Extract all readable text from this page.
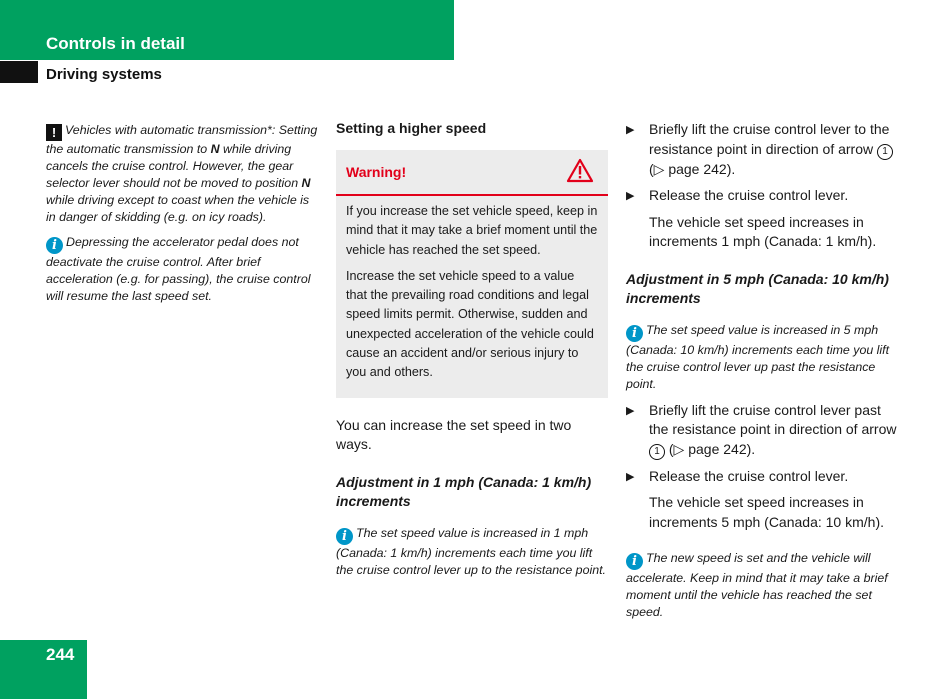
Controls in detail
Driving systems

! Vehicles with automatic transmission*: Setting the automatic transmission to N while driving cancels the cruise control. However, the gear selector lever should not be moved to position N while driving except to coast when the vehicle is in danger of skidding (e.g. on icy roads).

i Depressing the accelerator pedal does not deactivate the cruise control. After brief acceleration (e.g. for passing), the cruise control will resume the last speed set.

Setting a higher speed
Warning!

If you increase the set vehicle speed, keep in mind that it may take a brief moment until the vehicle has reached the set speed.

Increase the set vehicle speed to a value that the prevailing road conditions and legal speed limits permit. Otherwise, sudden and unexpected acceleration of the vehicle could cause an accident and/or serious injury to you and others.

You can increase the set speed in two ways.

Adjustment in 1 mph (Canada: 1 km/h) increments

i The set speed value is increased in 1 mph (Canada: 1 km/h) increments each time you lift the cruise control lever up to the resistance point.

▶ Briefly lift the cruise control lever to the resistance point in direction of arrow 1 (▷ page 242).
▶ Release the cruise control lever.

The vehicle set speed increases in increments 1 mph (Canada: 1 km/h).

Adjustment in 5 mph (Canada: 10 km/h) increments

i The set speed value is increased in 5 mph (Canada: 10 km/h) increments each time you lift the cruise control lever up past the resistance point.

▶ Briefly lift the cruise control lever past the resistance point in direction of arrow 1 (▷ page 242).
▶ Release the cruise control lever.

The vehicle set speed increases in increments 5 mph (Canada: 10 km/h).

i The new speed is set and the vehicle will accelerate. Keep in mind that it may take a brief moment until the vehicle has reached the set speed.

244
